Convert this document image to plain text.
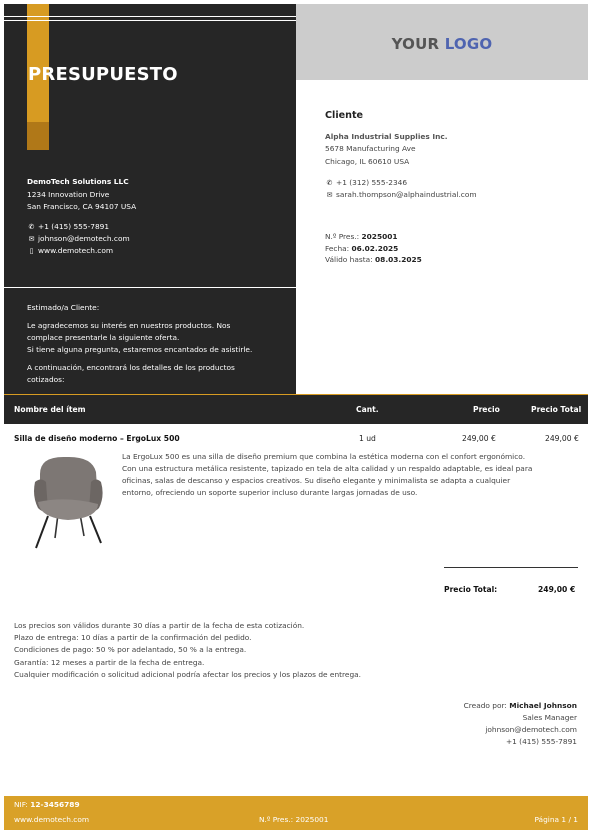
PRESUPUESTO
YOUR LOGO
DemoTech Solutions LLC
1234 Innovation Drive
San Francisco, CA 94107 USA
✆ +1 (415) 555-7891
✉ johnson@demotech.com
▯ www.demotech.com

Estimado/a Cliente:

Le agradecemos su interés en nuestros productos. Nos
complace presentarle la siguiente oferta.
Si tiene alguna pregunta, estaremos encantados de asistirle.

A continuación, encontrará los detalles de los productos
cotizados:

Cliente
Alpha Industrial Supplies Inc.
5678 Manufacturing Ave
Chicago, IL 60610 USA
✆ +1 (312) 555-2346
✉ sarah.thompson@alphaindustrial.com
N.º Pres.: 2025001
Fecha: 06.02.2025
Válido hasta: 08.03.2025
Nombre del ítem	Cant.	Precio	Precio Total
Silla de diseño moderno – ErgoLux 500	1 ud	249,00 €	249,00 €
La ErgoLux 500 es una silla de diseño premium que combina la estética moderna con el confort ergonómico.
Con una estructura metálica resistente, tapizado en tela de alta calidad y un respaldo adaptable, es ideal para
oficinas, salas de descanso y espacios creativos. Su diseño elegante y minimalista se adapta a cualquier
entorno, ofreciendo un soporte superior incluso durante largas jornadas de uso.
Precio Total:	249,00 €
Los precios son válidos durante 30 días a partir de la fecha de esta cotización.
Plazo de entrega: 10 días a partir de la confirmación del pedido.
Condiciones de pago: 50 % por adelantado, 50 % a la entrega.
Garantía: 12 meses a partir de la fecha de entrega.
Cualquier modificación o solicitud adicional podría afectar los precios y los plazos de entrega.
Creado por: Michael Johnson
Sales Manager
johnson@demotech.com
+1 (415) 555-7891
NIF: 12-3456789
www.demotech.com	N.º Pres.: 2025001	Página 1 / 1
